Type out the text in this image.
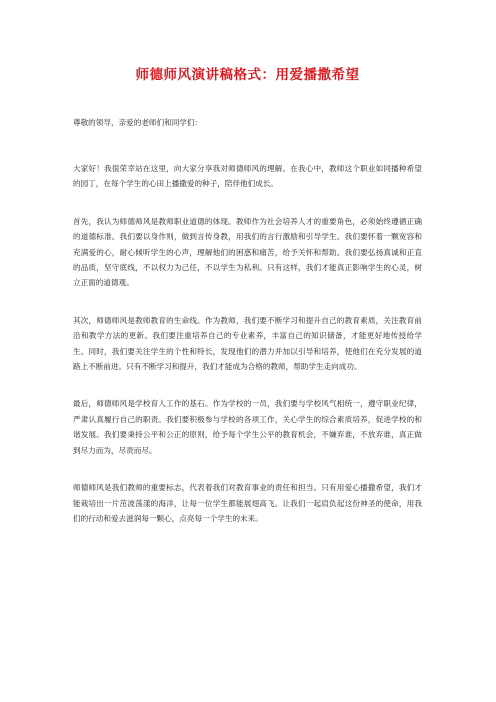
师德师风演讲稿格式：用爱播撒希望

尊敬的领导，亲爱的老师们和同学们：

大家好！我很荣幸站在这里，向大家分享我对师德师风的理解。在我心中，教师这个职业如同播种希望的园丁，在每个学生的心田上播撒爱的种子，陪伴他们成长。

首先，我认为师德师风是教师职业道德的体现。教师作为社会培养人才的重要角色，必须始终遵循正确的道德标准。我们要以身作则，做到言传身教，用我们的言行激励和引导学生。我们要怀着一颗宽容和充满爱的心，耐心倾听学生的心声，理解他们的困惑和痛苦，给予关怀和帮助。我们要弘扬真诚和正直的品质，坚守底线，不以权力为己任，不以学生为私利。只有这样，我们才能真正影响学生的心灵，树立正面的道德观。

其次，师德师风是教师教育的生命线。作为教师，我们要不断学习和提升自己的教育素质，关注教育前沿和教学方法的更新。我们要注重培养自己的专业素养，丰富自己的知识储备，才能更好地传授给学生。同时，我们要关注学生的个性和特长，发现他们的潜力并加以引导和培养，使他们在充分发展的道路上不断前进。只有不断学习和提升，我们才能成为合格的教师，帮助学生走向成功。

最后，师德师风是学校育人工作的基石。作为学校的一员，我们要与学校风气相统一，遵守职业纪律，严肃认真履行自己的职责。我们要积极参与学校的各项工作，关心学生的综合素质培养，促进学校的和谐发展。我们要秉持公平和公正的原则，给予每个学生公平的教育机会，不嫌弃谁，不放弃谁，真正做到尽力而为，尽责而尽。

师德师风是我们教师的重要标志，代表着我们对教育事业的责任和担当。只有用爱心播撒希望，我们才能栽培出一片茁波荡漾的海洋，让每一位学生都能展翅高飞。让我们一起肩负起这份神圣的使命，用我们的行动和爱去滋润每一颗心，点亮每一个学生的未来。
